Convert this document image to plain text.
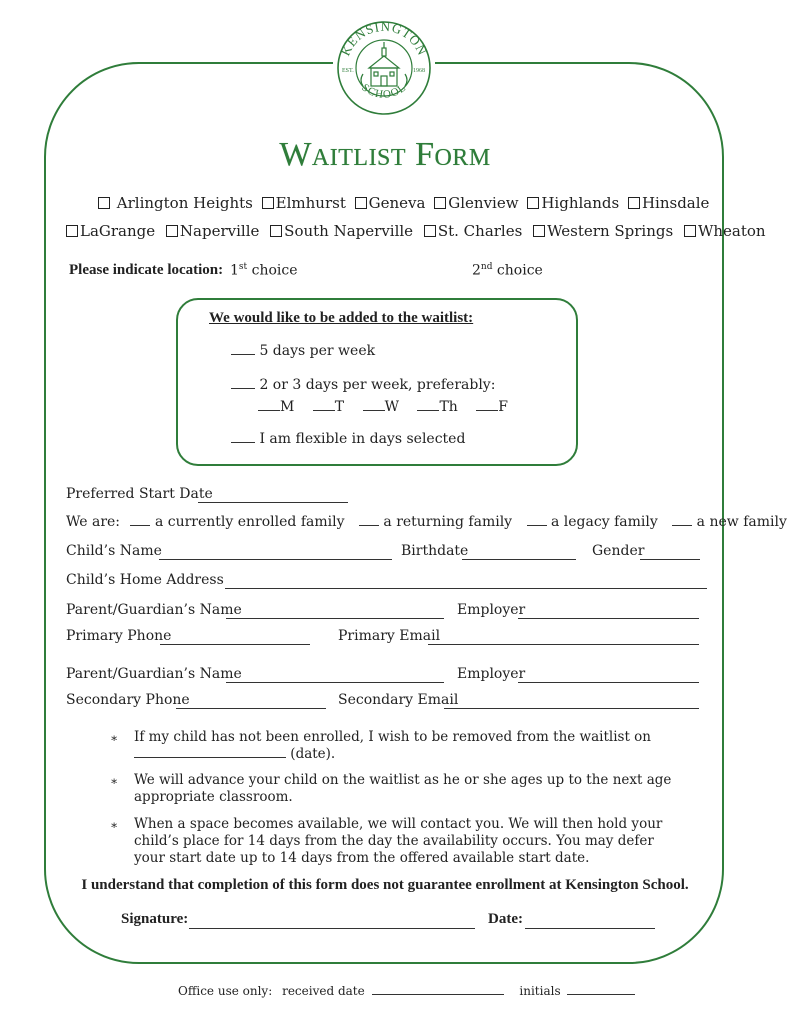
KENSINGTON
SCHOOL
EST.	1968
Waitlist Form
Arlington Heights Elmhurst Geneva Glenview Highlands Hinsdale
LaGrange Naperville South Naperville St. Charles Western Springs Wheaton
Please indicate location: 1st choice	2nd choice
We would like to be added to the waitlist:
5 days per week
2 or 3 days per week, preferably:
M	T	W	Th	F
I am flexible in days selected
Preferred Start Date
We are: a currently enrolled family	a returning family	a legacy family	a new family
Child’s Name	Birthdate	Gender
Child’s Home Address
Parent/Guardian’s Name	Employer
Primary Phone	Primary Email
Parent/Guardian’s Name	Employer
Secondary Phone	Secondary Email
∗ If my child has not been enrolled, I wish to be removed from the waitlist on
(date).
∗ We will advance your child on the waitlist as he or she ages up to the next age appropriate classroom.
∗ When a space becomes available, we will contact you. We will then hold your child’s place for 14 days from the day the availability occurs. You may defer your start date up to 14 days from the offered available start date.
I understand that completion of this form does not guarantee enrollment at Kensington School.
Signature:	Date:
Office use only: received date	initials
